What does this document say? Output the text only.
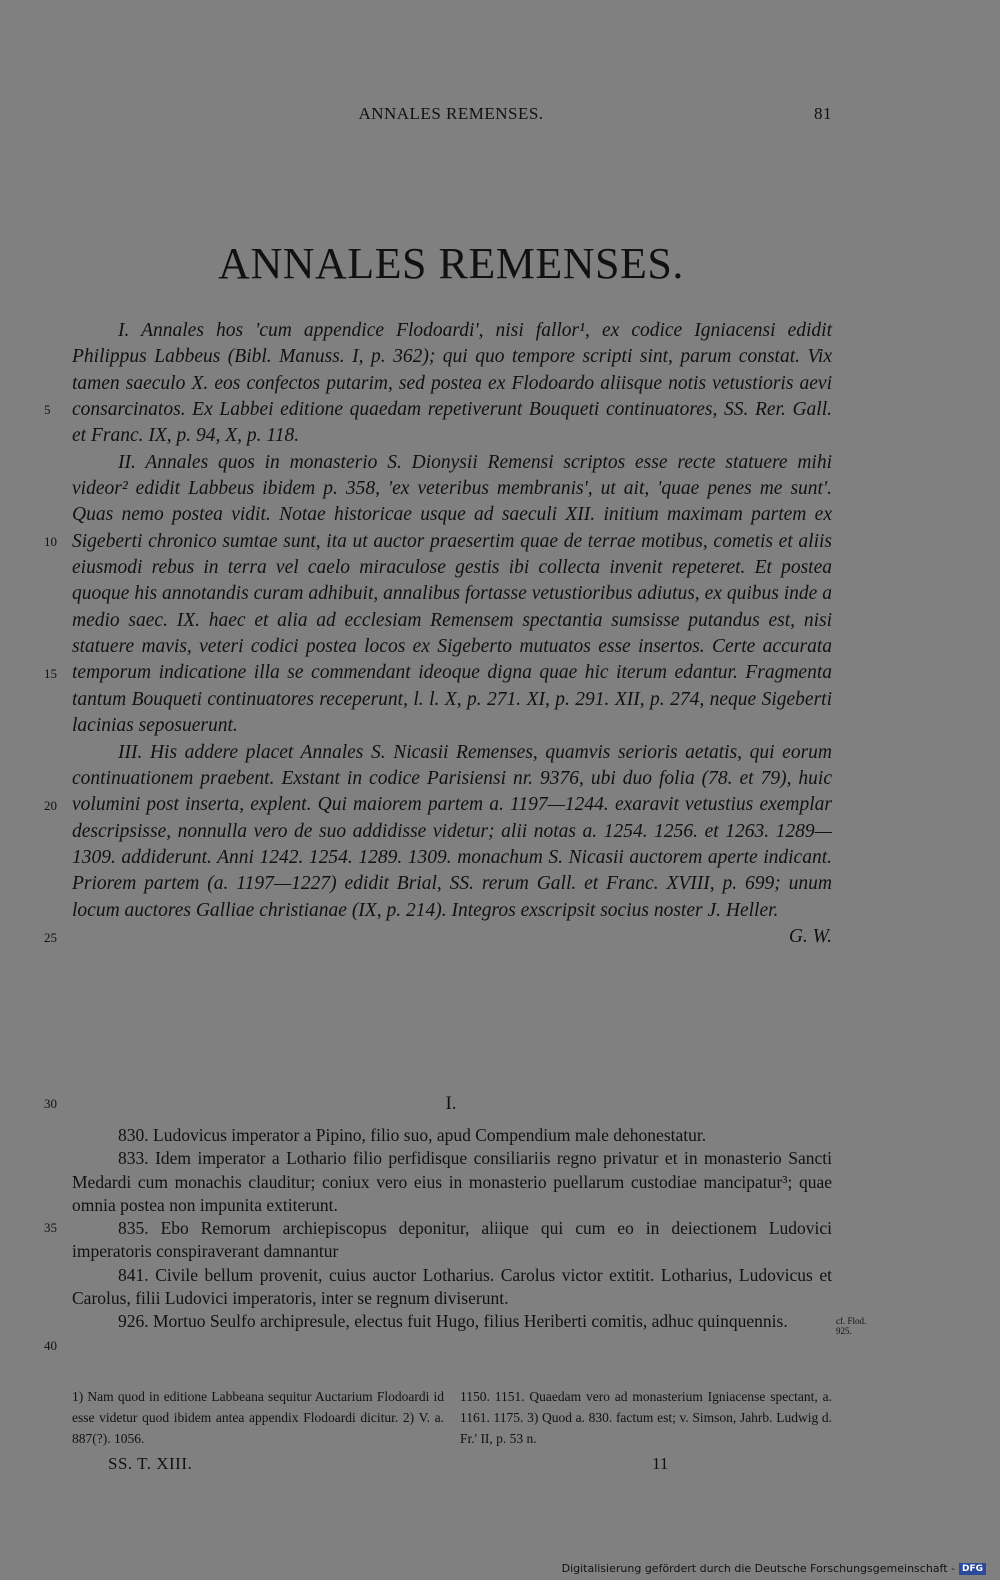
ANNALES REMENSES.	81
ANNALES REMENSES.

I. Annales hos 'cum appendice Flodoardi', nisi fallor¹, ex codice Igniacensi edidit Philippus Labbeus (Bibl. Manuss. I, p. 362); qui quo tempore scripti sint, parum constat. Vix tamen saeculo X. eos confectos putarim, sed postea ex Flodoardo aliisque notis vetustioris aevi consarcinatos. Ex Labbei editione quaedam repetiverunt Bouqueti continuatores, SS. Rer. Gall. et Franc. IX, p. 94, X, p. 118.

II. Annales quos in monasterio S. Dionysii Remensi scriptos esse recte statuere mihi videor² edidit Labbeus ibidem p. 358, 'ex veteribus membranis', ut ait, 'quae penes me sunt'. Quas nemo postea vidit. Notae historicae usque ad saeculi XII. initium maximam partem ex Sigeberti chronico sumtae sunt, ita ut auctor praesertim quae de terrae motibus, cometis et aliis eiusmodi rebus in terra vel caelo miraculose gestis ibi collecta invenit repeteret. Et postea quoque his annotandis curam adhibuit, annalibus fortasse vetustioribus adiutus, ex quibus inde a medio saec. IX. haec et alia ad ecclesiam Remensem spectantia sumsisse putandus est, nisi statuere mavis, veteri codici postea locos ex Sigeberto mutuatos esse insertos. Certe accurata temporum indicatione illa se commendant ideoque digna quae hic iterum edantur. Fragmenta tantum Bouqueti continuatores receperunt, l. l. X, p. 271. XI, p. 291. XII, p. 274, neque Sigeberti lacinias seposuerunt.

III. His addere placet Annales S. Nicasii Remenses, quamvis serioris aetatis, qui eorum continuationem praebent. Exstant in codice Parisiensi nr. 9376, ubi duo folia (78. et 79), huic volumini post inserta, explent. Qui maiorem partem a. 1197—1244. exaravit vetustius exemplar descripsisse, nonnulla vero de suo addidisse videtur; alii notas a. 1254. 1256. et 1263. 1289—1309. addiderunt. Anni 1242. 1254. 1289. 1309. monachum S. Nicasii auctorem aperte indicant. Priorem partem (a. 1197—1227) edidit Brial, SS. rerum Gall. et Franc. XVIII, p. 699; unum locum auctores Galliae christianae (IX, p. 214). Integros exscripsit socius noster J. Heller.
G. W.

5
10
15
20
25
30
35
40
I.

830. Ludovicus imperator a Pipino, filio suo, apud Compendium male dehonestatur.

833. Idem imperator a Lothario filio perfidisque consiliariis regno privatur et in monasterio Sancti Medardi cum monachis clauditur; coniux vero eius in monasterio puellarum custodiae mancipatur³; quae omnia postea non impunita extiterunt.

835. Ebo Remorum archiepiscopus deponitur, aliique qui cum eo in deiectionem Ludovici imperatoris conspiraverant damnantur

841. Civile bellum provenit, cuius auctor Lotharius. Carolus victor extitit. Lotharius, Ludovicus et Carolus, filii Ludovici imperatoris, inter se regnum diviserunt.

926. Mortuo Seulfo archipresule, electus fuit Hugo, filius Heriberti comitis, adhuc quinquennis.	cf. Flod.
925.

1) Nam quod in editione Labbeana sequitur Auctarium Flodoardi id esse videtur quod ibidem antea appendix Flodoardi dicitur. 2) V. a. 887(?). 1056.

1150. 1151. Quaedam vero ad monasterium Igniacense spectant, a. 1161. 1175. 3) Quod a. 830. factum est; v. Simson, Jahrb. Ludwig d. Fr.' II, p. 53 n.

SS. T. XIII.	11
Digitalisierung gefördert durch die Deutsche Forschungsgemeinschaft - DFG
